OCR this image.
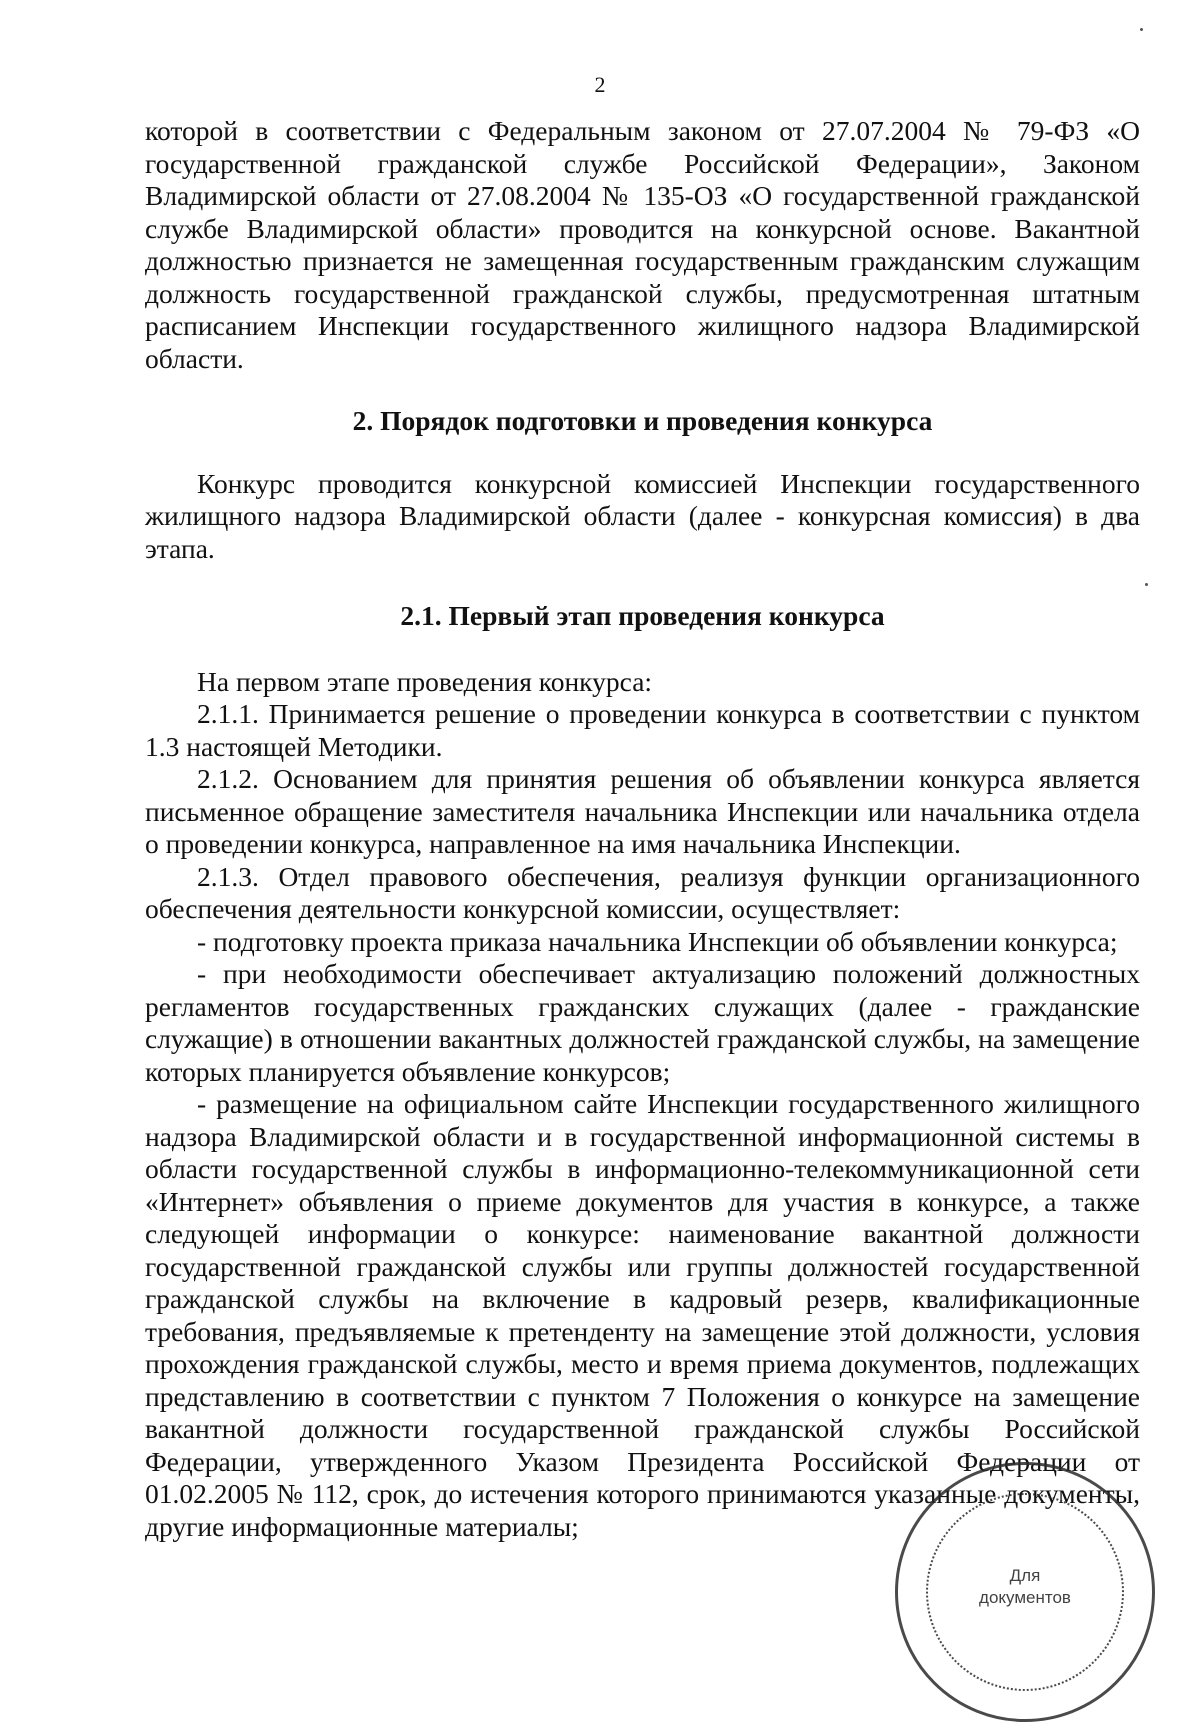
2

которой в соответствии с Федеральным законом от 27.07.2004 № 79-ФЗ «О государственной гражданской службе Российской Федерации», Законом Владимирской области от 27.08.2004 № 135-ОЗ «О государственной гражданской службе Владимирской области» проводится на конкурсной основе. Вакантной должностью признается не замещенная государственным гражданским служащим должность государственной гражданской службы, предусмотренная штатным расписанием Инспекции государственного жилищного надзора Владимирской области.

2. Порядок подготовки и проведения конкурса

Конкурс проводится конкурсной комиссией Инспекции государственного жилищного надзора Владимирской области (далее - конкурсная комиссия) в два этапа.

2.1. Первый этап проведения конкурса

На первом этапе проведения конкурса:

2.1.1. Принимается решение о проведении конкурса в соответствии с пунктом 1.3 настоящей Методики.

2.1.2. Основанием для принятия решения об объявлении конкурса является письменное обращение заместителя начальника Инспекции или начальника отдела о проведении конкурса, направленное на имя начальника Инспекции.

2.1.3. Отдел правового обеспечения, реализуя функции организационного обеспечения деятельности конкурсной комиссии, осуществляет:

- подготовку проекта приказа начальника Инспекции об объявлении конкурса;

- при необходимости обеспечивает актуализацию положений должностных регламентов государственных гражданских служащих (далее - гражданские служащие) в отношении вакантных должностей гражданской службы, на замещение которых планируется объявление конкурсов;

- размещение на официальном сайте Инспекции государственного жилищного надзора Владимирской области и в государственной информационной системы в области государственной службы в информационно-телекоммуникационной сети «Интернет» объявления о приеме документов для участия в конкурсе, а также следующей информации о конкурсе: наименование вакантной должности государственной гражданской службы или группы должностей государственной гражданской службы на включение в кадровый резерв, квалификационные требования, предъявляемые к претенденту на замещение этой должности, условия прохождения гражданской службы, место и время приема документов, подлежащих представлению в соответствии с пунктом 7 Положения о конкурсе на замещение вакантной должности государственной гражданской службы Российской Федерации, утвержденного Указом Президента Российской Федерации от 01.02.2005 № 112, срок, до истечения которого принимаются указанные документы, другие информационные материалы;

Для
документов
